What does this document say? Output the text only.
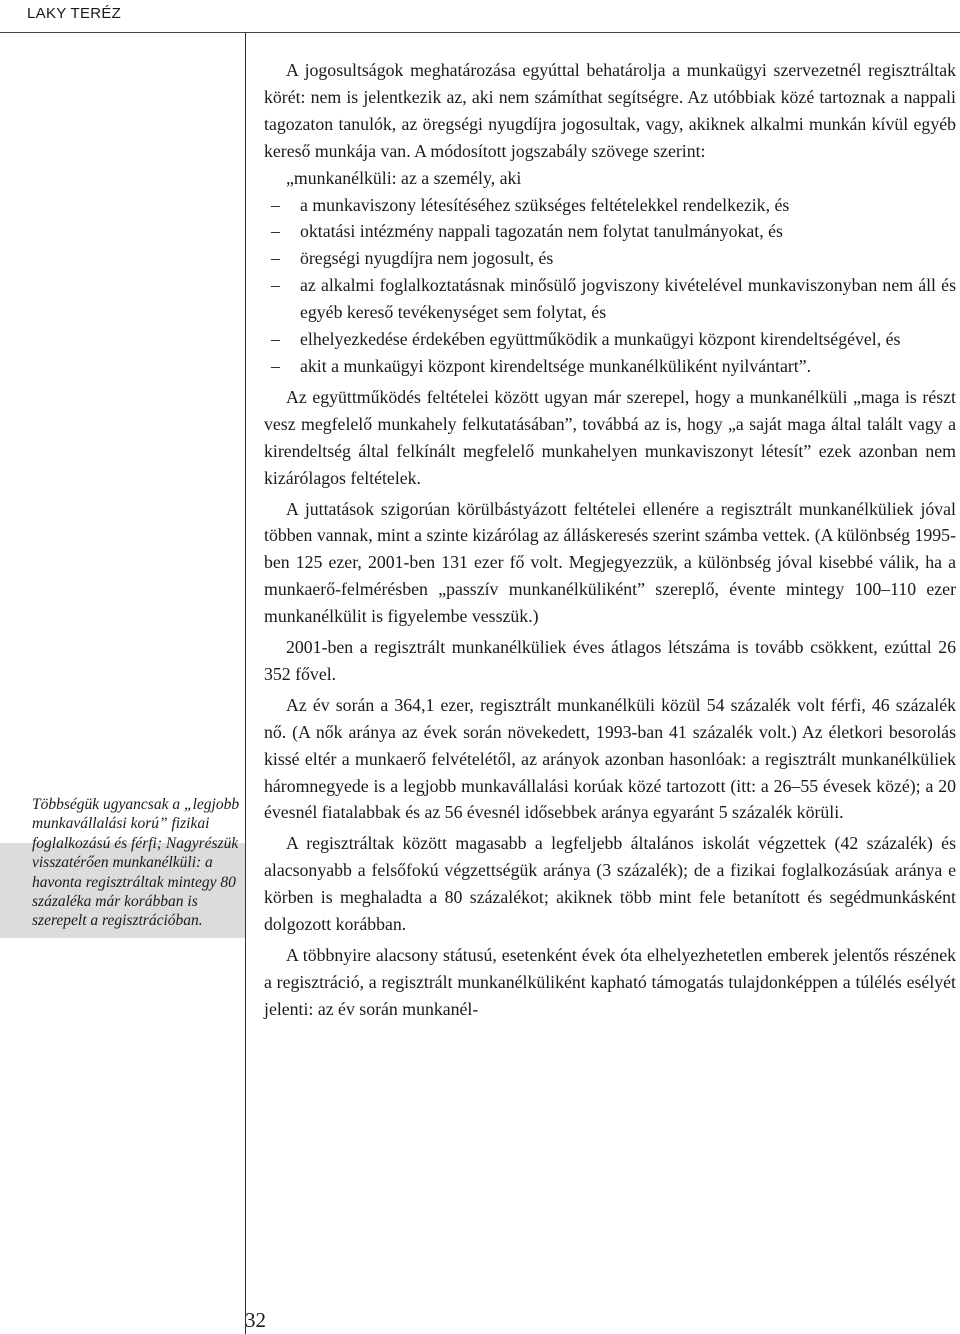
LAKY TERÉZ
Többségük ugyancsak a „legjobb munkavállalási korú” fizikai foglalkozású és férfi; Nagyrészük visszatérően munkanélküli: a havonta regisztráltak mintegy 80 százaléka már korábban is szerepelt a regisztrációban.

A jogosultságok meghatározása egyúttal behatárolja a munkaügyi szervezetnél regisztráltak körét: nem is jelentkezik az, aki nem számíthat segítségre. Az utóbbiak közé tartoznak a nappali tagozaton tanulók, az öregségi nyugdíjra jogosultak, vagy, akiknek alkalmi munkán kívül egyéb kereső munkája van. A módosított jogszabály szövege szerint:

„munkanélküli: az a személy, aki

– a munkaviszony létesítéséhez szükséges feltételekkel rendelkezik, és
– oktatási intézmény nappali tagozatán nem folytat tanulmányokat, és
– öregségi nyugdíjra nem jogosult, és
– az alkalmi foglalkoztatásnak minősülő jogviszony kivételével munkaviszonyban nem áll és egyéb kereső tevékenységet sem folytat, és
– elhelyezkedése érdekében együttműködik a munkaügyi központ kirendeltségével, és
– akit a munkaügyi központ kirendeltsége munkanélküliként nyilvántart”.

Az együttműködés feltételei között ugyan már szerepel, hogy a munkanélküli „maga is részt vesz megfelelő munkahely felkutatásában”, továbbá az is, hogy „a saját maga által talált vagy a kirendeltség által felkínált megfelelő munkahelyen munkaviszonyt létesít” ezek azonban nem kizárólagos feltételek.

A juttatások szigorúan körülbástyázott feltételei ellenére a regisztrált munkanélküliek jóval többen vannak, mint a szinte kizárólag az álláskeresés szerint számba vettek. (A különbség 1995-ben 125 ezer, 2001-ben 131 ezer fő volt. Megjegyezzük, a különbség jóval kisebbé válik, ha a munkaerő-felmérésben „passzív munkanélküliként” szereplő, évente mintegy 100–110 ezer munkanélkülit is figyelembe vesszük.)

2001-ben a regisztrált munkanélküliek éves átlagos létszáma is tovább csökkent, ezúttal 26 352 fővel.

Az év során a 364,1 ezer, regisztrált munkanélküli közül 54 százalék volt férfi, 46 százalék nő. (A nők aránya az évek során növekedett, 1993-ban 41 százalék volt.) Az életkori besorolás kissé eltér a munkaerő felvételétől, az arányok azonban hasonlóak: a regisztrált munkanélküliek háromnegyede is a legjobb munkavállalási korúak közé tartozott (itt: a 26–55 évesek közé); a 20 évesnél fiatalabbak és az 56 évesnél idősebbek aránya egyaránt 5 százalék körüli.

A regisztráltak között magasabb a legfeljebb általános iskolát végzettek (42 százalék) és alacsonyabb a felsőfokú végzettségük aránya (3 százalék); de a fizikai foglalkozásúak aránya e körben is meghaladta a 80 százalékot; akiknek több mint fele betanított és segédmunkásként dolgozott korábban.

A többnyire alacsony státusú, esetenként évek óta elhelyezhetetlen emberek jelentős részének a regisztráció, a regisztrált munkanélküliként kapható támogatás tulajdonképpen a túlélés esélyét jelenti: az év során munkanél-

32
